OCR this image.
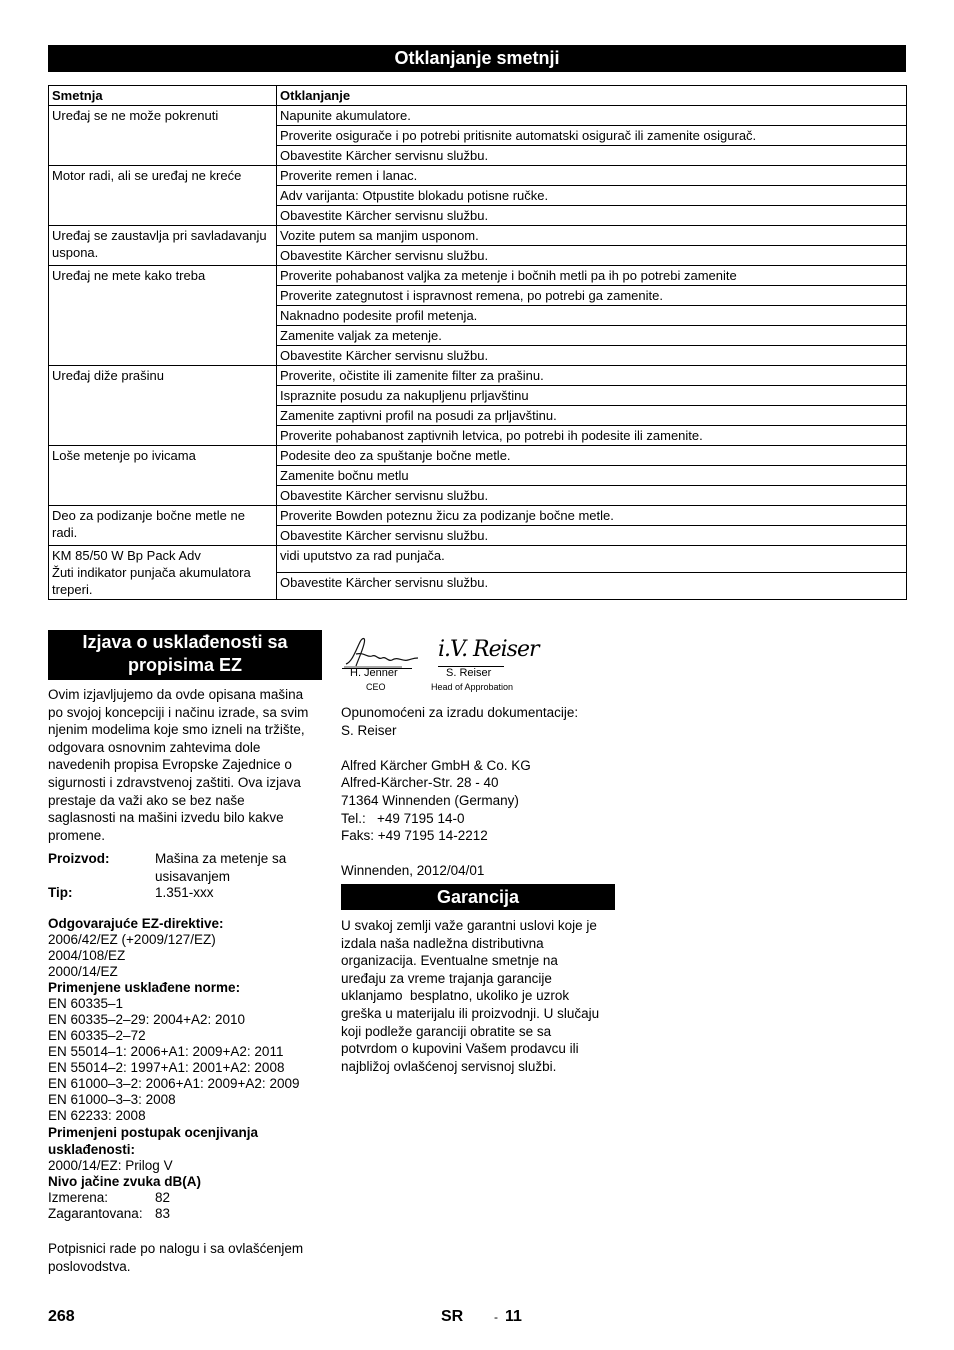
Otklanjanje smetnji
Smetnja	Otklanjanje
Uređaj se ne može pokrenuti	Napunite akumulatore.
	Proverite osigurače i po potrebi pritisnite automatski osigurač ili zamenite osigurač.
	Obavestite Kärcher servisnu službu.
Motor radi, ali se uređaj ne kreće	Proverite remen i lanac.
	Adv varijanta: Otpustite blokadu potisne ručke.
	Obavestite Kärcher servisnu službu.
Uređaj se zaustavlja pri savladavanju uspona.	Vozite putem sa manjim usponom.
	Obavestite Kärcher servisnu službu.
Uređaj ne mete kako treba	Proverite pohabanost valjka za metenje i bočnih metli pa ih po potrebi zamenite
	Proverite zategnutost i ispravnost remena, po potrebi ga zamenite.
	Naknadno podesite profil metenja.
	Zamenite valjak za metenje.
	Obavestite Kärcher servisnu službu.
Uređaj diže prašinu	Proverite, očistite ili zamenite filter za prašinu.
	Ispraznite posudu za nakupljenu prljavštinu
	Zamenite zaptivni profil na posudi za prljavštinu.
	Proverite pohabanost zaptivnih letvica, po potrebi ih podesite ili zamenite.
Loše metenje po ivicama	Podesite deo za spuštanje bočne metle.
	Zamenite bočnu metlu
	Obavestite Kärcher servisnu službu.
Deo za podizanje bočne metle ne radi.	Proverite Bowden poteznu žicu za podizanje bočne metle.
	Obavestite Kärcher servisnu službu.
KM 85/50 W Bp Pack Adv
Žuti indikator punjača akumulatora treperi.	vidi uputstvo za rad punjača.
	Obavestite Kärcher servisnu službu.
Izjava o usklađenosti sa propisima EZ
Ovim izjavljujemo da ovde opisana mašina
po svojoj koncepciji i načinu izrade, sa svim
njenim modelima koje smo izneli na tržište,
odgovara osnovnim zahtevima dole
navedenih propisa Evropske Zajednice o
sigurnosti i zdravstvenoj zaštiti. Ova izjava
prestaje da važi ako se bez naše
saglasnosti na mašini izvedu bilo kakve
promene.
Proizvod:	Mašina za metenje sa
usisavanjem
Tip:	1.351-xxx
Odgovarajuće EZ-direktive:
2006/42/EZ (+2009/127/EZ)
2004/108/EZ
2000/14/EZ
Primenjene usklađene norme:
EN 60335–1
EN 60335–2–29: 2004+A2: 2010
EN 60335–2–72
EN 55014–1: 2006+A1: 2009+A2: 2011
EN 55014–2: 1997+A1: 2001+A2: 2008
EN 61000–3–2: 2006+A1: 2009+A2: 2009
EN 61000–3–3: 2008
EN 62233: 2008
Primenjeni postupak ocenjivanja
usklađenosti:
2000/14/EZ: Prilog V
Nivo jačine zvuka dB(A)
Izmerena:	82
Zagarantovana: 83
Potpisnici rade po nalogu i sa ovlašćenjem
poslovodstva.
H. Jenner
CEO
i.V. Reiser
S. Reiser
Head of Approbation
Opunomoćeni za izradu dokumentacije:
S. Reiser
Alfred Kärcher GmbH & Co. KG
Alfred-Kärcher-Str. 28 - 40
71364 Winnenden (Germany)
Tel.:   +49 7195 14-0
Faks: +49 7195 14-2212
Winnenden, 2012/04/01
Garancija
U svakoj zemlji važe garantni uslovi koje je
izdala naša nadležna distributivna
organizacija. Eventualne smetnje na
uređaju za vreme trajanja garancije
uklanjamo  besplatno, ukoliko je uzrok
greška u materijalu ili proizvodnji. U slučaju
koji podleže garanciji obratite se sa
potvrdom o kupovini Vašem prodavcu ili
najbližoj ovlašćenoj servisnoj službi.
268	SR	- 11
